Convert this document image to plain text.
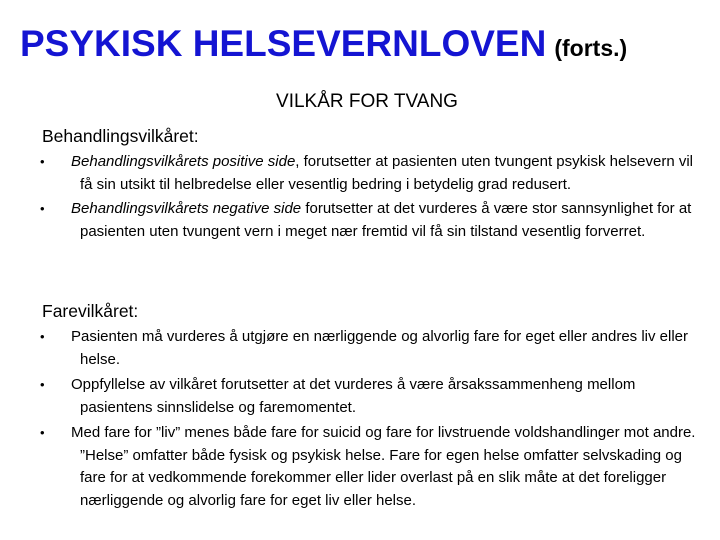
PSYKISK HELSEVERNLOVEN (forts.)
VILKÅR FOR TVANG
Behandlingsvilkåret:
•	Behandlingsvilkårets positive side, forutsetter at pasienten uten tvungent psykisk helsevern vil få sin utsikt til helbredelse eller vesentlig bedring i betydelig grad redusert.
•	Behandlingsvilkårets negative side forutsetter at det vurderes å være stor sannsynlighet for at pasienten uten tvungent vern i meget nær fremtid vil få sin tilstand vesentlig forverret.
Farevilkåret:
•	Pasienten må vurderes å utgjøre en nærliggende og alvorlig fare for eget eller andres liv eller helse.
•	Oppfyllelse av vilkåret forutsetter at det vurderes å være årsakssammenheng mellom pasientens sinnslidelse og faremomentet.
•	Med fare for ”liv” menes både fare for suicid og fare for livstruende voldshandlinger mot andre. ”Helse” omfatter både fysisk og psykisk helse. Fare for egen helse omfatter selvskading og fare for at vedkommende forekommer eller lider overlast på en slik måte at det foreligger nærliggende og alvorlig fare for eget liv eller helse.
